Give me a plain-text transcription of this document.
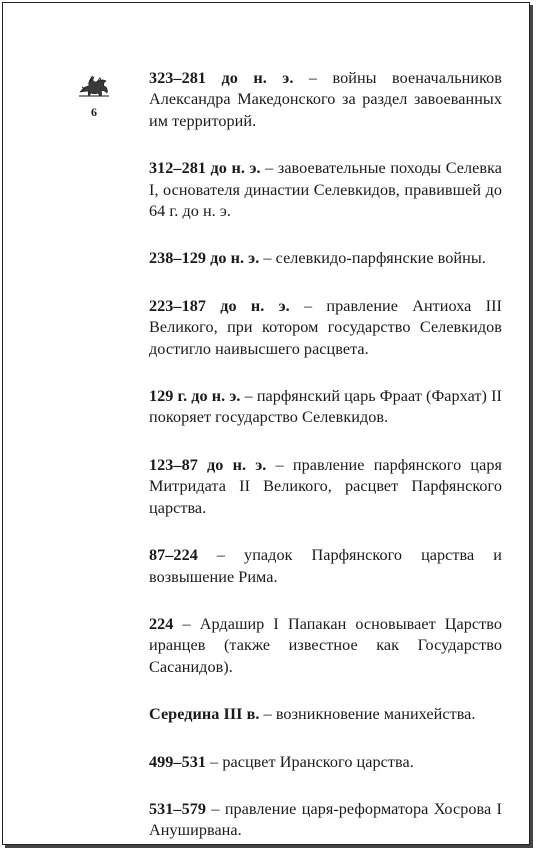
6

323–281 до н. э. – войны военачальников Александра Македонского за раздел завоеванных им территорий.

312–281 до н. э. – завоевательные походы Селевка I, основателя династии Селевкидов, правившей до 64 г. до н. э.

238–129 до н. э. – селевкидо-парфянские войны.

223–187 до н. э. – правление Антиоха III Великого, при котором государство Селевкидов достигло наивысшего расцвета.

129 г. до н. э. – парфянский царь Фраат (Фархат) II покоряет государство Селевкидов.

123–87 до н. э. – правление парфянского царя Митридата II Великого, расцвет Парфянского царства.

87–224 – упадок Парфянского царства и возвышение Рима.

224 – Ардашир I Папакан основывает Царство иранцев (также известное как Государство Сасанидов).

Середина III в. – возникновение манихейства.

499–531 – расцвет Иранского царства.

531–579 – правление царя-реформатора Хосрова I Ануширвана.
